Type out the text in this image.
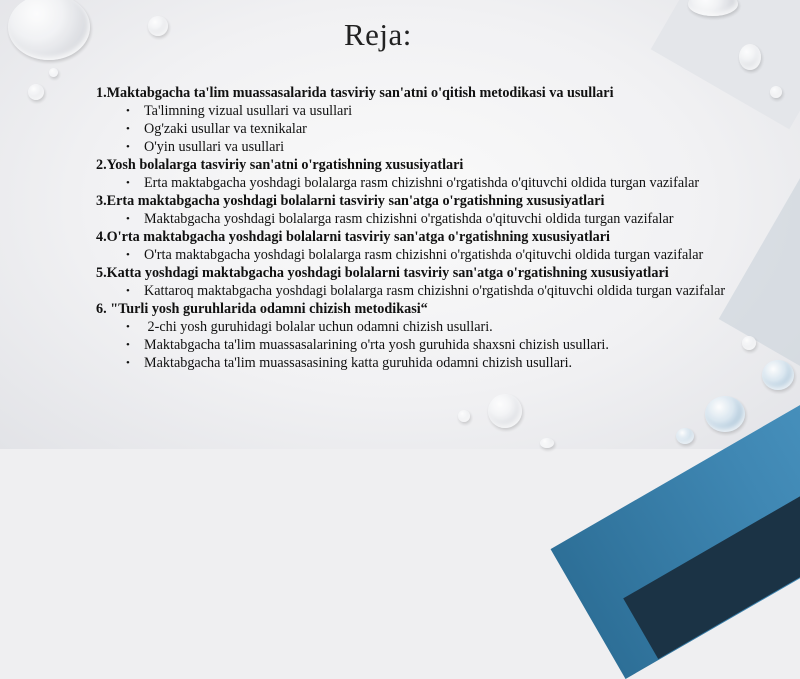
Reja:
1.Maktabgacha ta'lim muassasalarida tasviriy san'atni o'qitish metodikasi va usullari
• Ta'limning vizual usullari va usullari
• Og'zaki usullar va texnikalar
• O'yin usullari va usullari
2.Yosh bolalarga tasviriy san'atni o'rgatishning xususiyatlari
• Erta maktabgacha yoshdagi bolalarga rasm chizishni o'rgatishda o'qituvchi oldida turgan vazifalar
3.Erta maktabgacha yoshdagi bolalarni tasviriy san'atga o'rgatishning xususiyatlari
• Maktabgacha yoshdagi bolalarga rasm chizishni o'rgatishda o'qituvchi oldida turgan vazifalar
4.O'rta maktabgacha yoshdagi bolalarni tasviriy san'atga o'rgatishning xususiyatlari
• O'rta maktabgacha yoshdagi bolalarga rasm chizishni o'rgatishda o'qituvchi oldida turgan vazifalar
5.Katta yoshdagi maktabgacha yoshdagi bolalarni tasviriy san'atga o'rgatishning xususiyatlari
• Kattaroq maktabgacha yoshdagi bolalarga rasm chizishni o'rgatishda o'qituvchi oldida turgan vazifalar
6. "Turli yosh guruhlarida odamni chizish metodikasi“
• 2-chi yosh guruhidagi bolalar uchun odamni chizish usullari.
• Maktabgacha ta'lim muassasalarining o'rta yosh guruhida shaxsni chizish usullari.
• Maktabgacha ta'lim muassasasining katta guruhida odamni chizish usullari.
